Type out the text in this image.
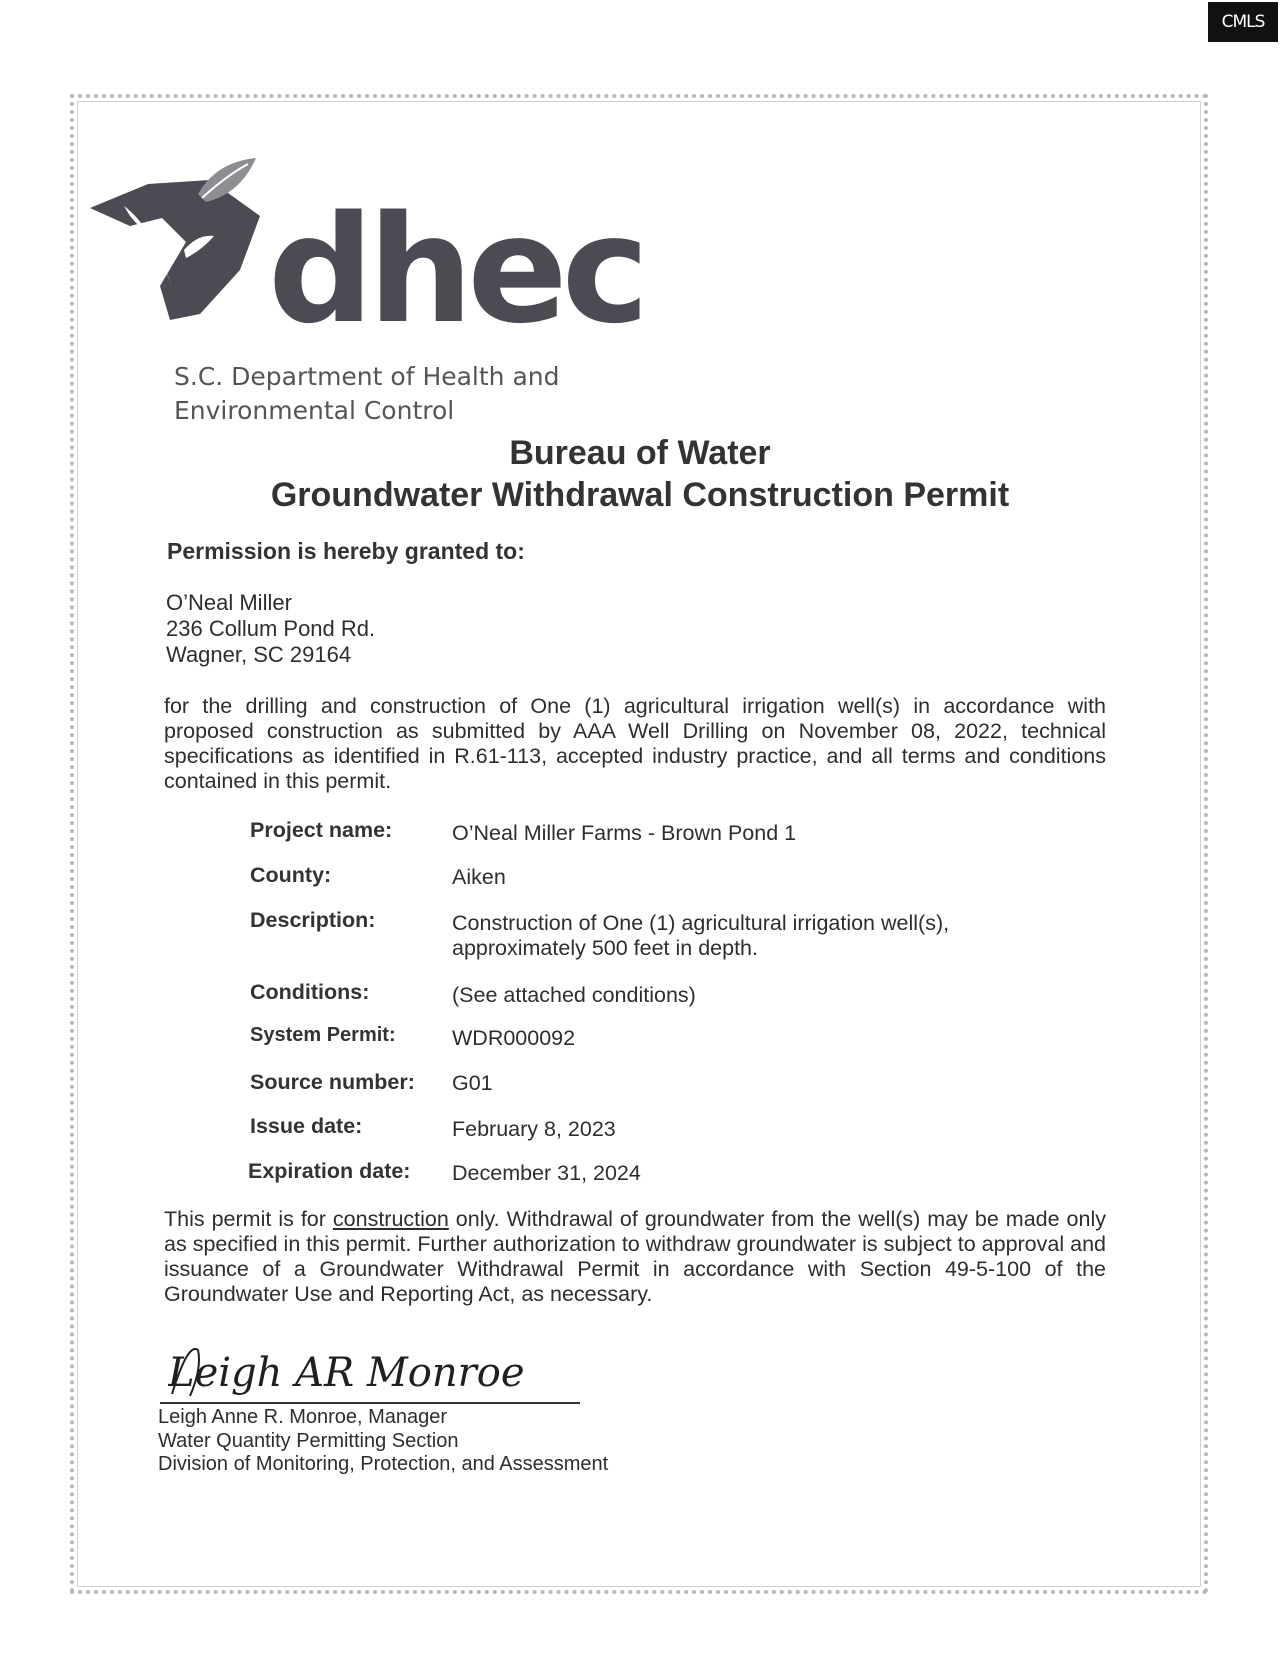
CMLS
dhec
S.C. Department of Health and
Environmental Control
Bureau of Water
Groundwater Withdrawal Construction Permit
Permission is hereby granted to:
O’Neal Miller
236 Collum Pond Rd.
Wagner, SC 29164
for the drilling and construction of One (1) agricultural irrigation well(s) in accordance with proposed construction as submitted by AAA Well Drilling on November 08, 2022, technical specifications as identified in R.61-113, accepted industry practice, and all terms and conditions contained in this permit.
Project name:	O’Neal Miller Farms - Brown Pond 1
County:	Aiken
Description:	Construction of One (1) agricultural irrigation well(s),
approximately 500 feet in depth.
Conditions:	(See attached conditions)
System Permit:	WDR000092
Source number: G01
Issue date:	February 8, 2023
Expiration date: December 31, 2024
This permit is for construction only. Withdrawal of groundwater from the well(s) may be made only as specified in this permit. Further authorization to withdraw groundwater is subject to approval and issuance of a Groundwater Withdrawal Permit in accordance with Section 49-5-100 of the Groundwater Use and Reporting Act, as necessary.
Leigh AR Monroe
Leigh Anne R. Monroe, Manager
Water Quantity Permitting Section
Division of Monitoring, Protection, and Assessment
